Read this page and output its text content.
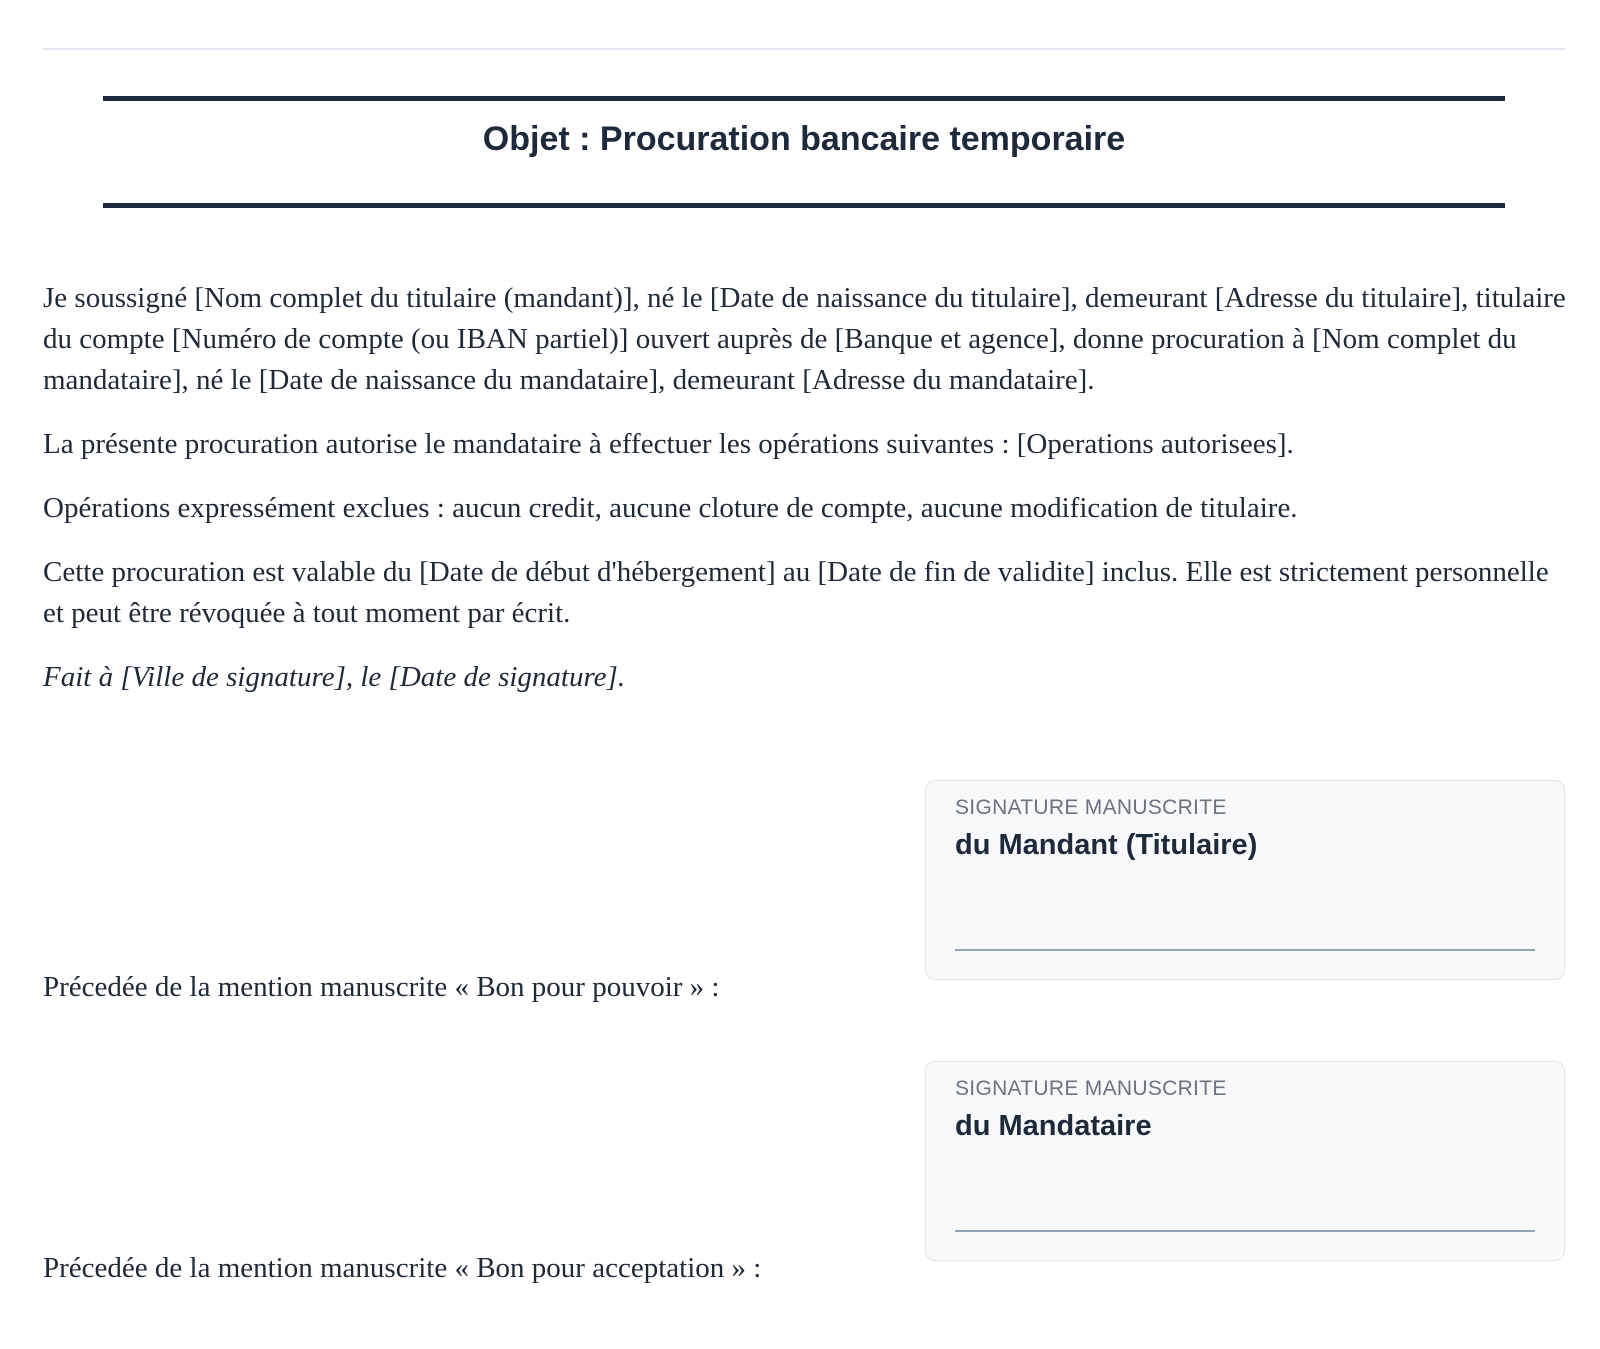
Objet : Procuration bancaire temporaire

Je soussigné [Nom complet du titulaire (mandant)], né le [Date de naissance du titulaire], demeurant [Adresse du titulaire], titulaire du compte [Numéro de compte (ou IBAN partiel)] ouvert auprès de [Banque et agence], donne procuration à [Nom complet du mandataire], né le [Date de naissance du mandataire], demeurant [Adresse du mandataire].

La présente procuration autorise le mandataire à effectuer les opérations suivantes : [Operations autorisees].

Opérations expressément exclues : aucun credit, aucune cloture de compte, aucune modification de titulaire.

Cette procuration est valable du [Date de début d'hébergement] au [Date de fin de validite] inclus. Elle est strictement personnelle et peut être révoquée à tout moment par écrit.

Fait à [Ville de signature], le [Date de signature].

SIGNATURE MANUSCRITE
du Mandant (Titulaire)
Précedée de la mention manuscrite « Bon pour pouvoir » :
SIGNATURE MANUSCRITE
du Mandataire
Précedée de la mention manuscrite « Bon pour acceptation » :
